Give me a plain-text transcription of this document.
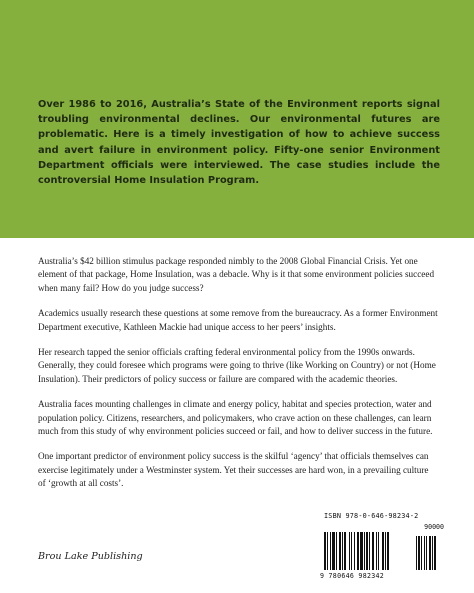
Over 1986 to 2016, Australia’s State of the Environment reports signal troubling environmental declines. Our environmental futures are problematic. Here is a timely investigation of how to achieve success and avert failure in environment policy. Fifty-one senior Environment Department officials were interviewed. The case studies include the controversial Home Insulation Program.

Australia’s $42 billion stimulus package responded nimbly to the 2008 Global Financial Crisis. Yet one element of that package, Home Insulation, was a debacle. Why is it that some environment policies succeed when many fail? How do you judge success?

Academics usually research these questions at some remove from the bureaucracy. As a former Environment Department executive, Kathleen Mackie had unique access to her peers’ insights.

Her research tapped the senior officials crafting federal environmental policy from the 1990s onwards. Generally, they could foresee which programs were going to thrive (like Working on Country) or not (Home Insulation). Their predictors of policy success or failure are compared with the academic theories.

Australia faces mounting challenges in climate and energy policy, habitat and species protection, water and population policy. Citizens, researchers, and policymakers, who crave action on these challenges, can learn much from this study of why environment policies succeed or fail, and how to deliver success in the future.

One important predictor of environment policy success is the skilful ‘agency’ that officials themselves can exercise legitimately under a Westminster system. Yet their successes are hard won, in a prevailing culture of ‘growth at all costs’.

ISBN 978-0-646-98234-2
90000
9 780646 982342
Brou Lake Publishing
